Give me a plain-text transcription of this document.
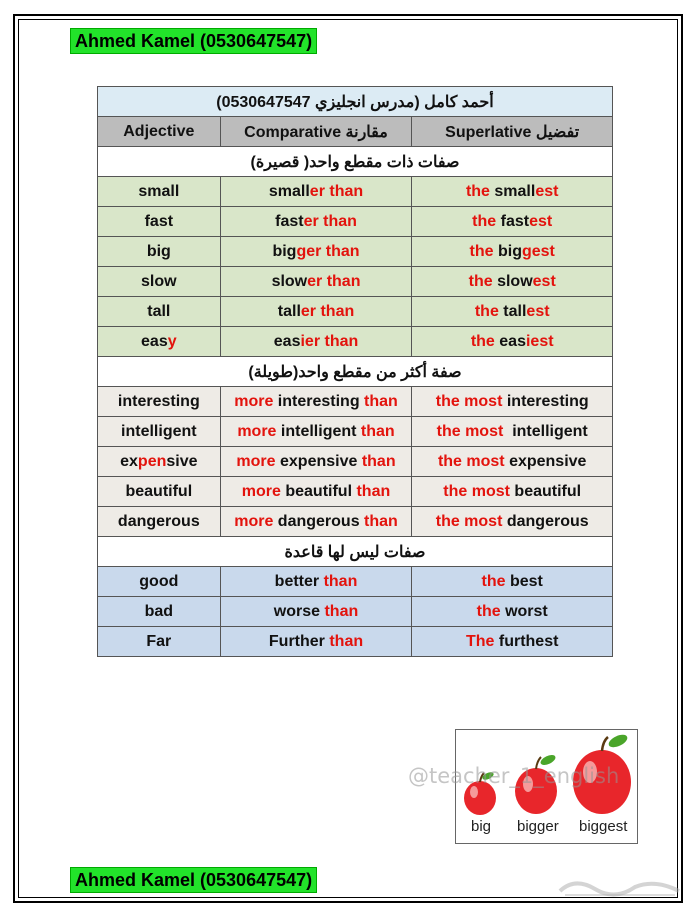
Ahmed Kamel (0530647547)
أحمد كامل (مدرس انجليزي 0530647547)		
Adjective	Comparative مقارنة	Superlative تفضيل
صفات ذات مقطع واحد( قصيرة)		
small	smaller than	the smallest
fast	faster than	the fastest
big	bigger than	the biggest
slow	slower than	the slowest
tall	taller than	the tallest
easy	easier than	the easiest
صفة أكثر من مقطع واحد(طويلة)		
interesting	more interesting than	the most interesting
intelligent	more intelligent than	the most  intelligent
expensive	more expensive than	the most expensive
beautiful	more beautiful than	the most beautiful
dangerous	more dangerous than	the most dangerous
صفات ليس لها قاعدة		
good	better than	the best
bad	worse than	the worst
Far	Further than	The furthest
big bigger biggest
@teacher_1_english
Ahmed Kamel (0530647547)
